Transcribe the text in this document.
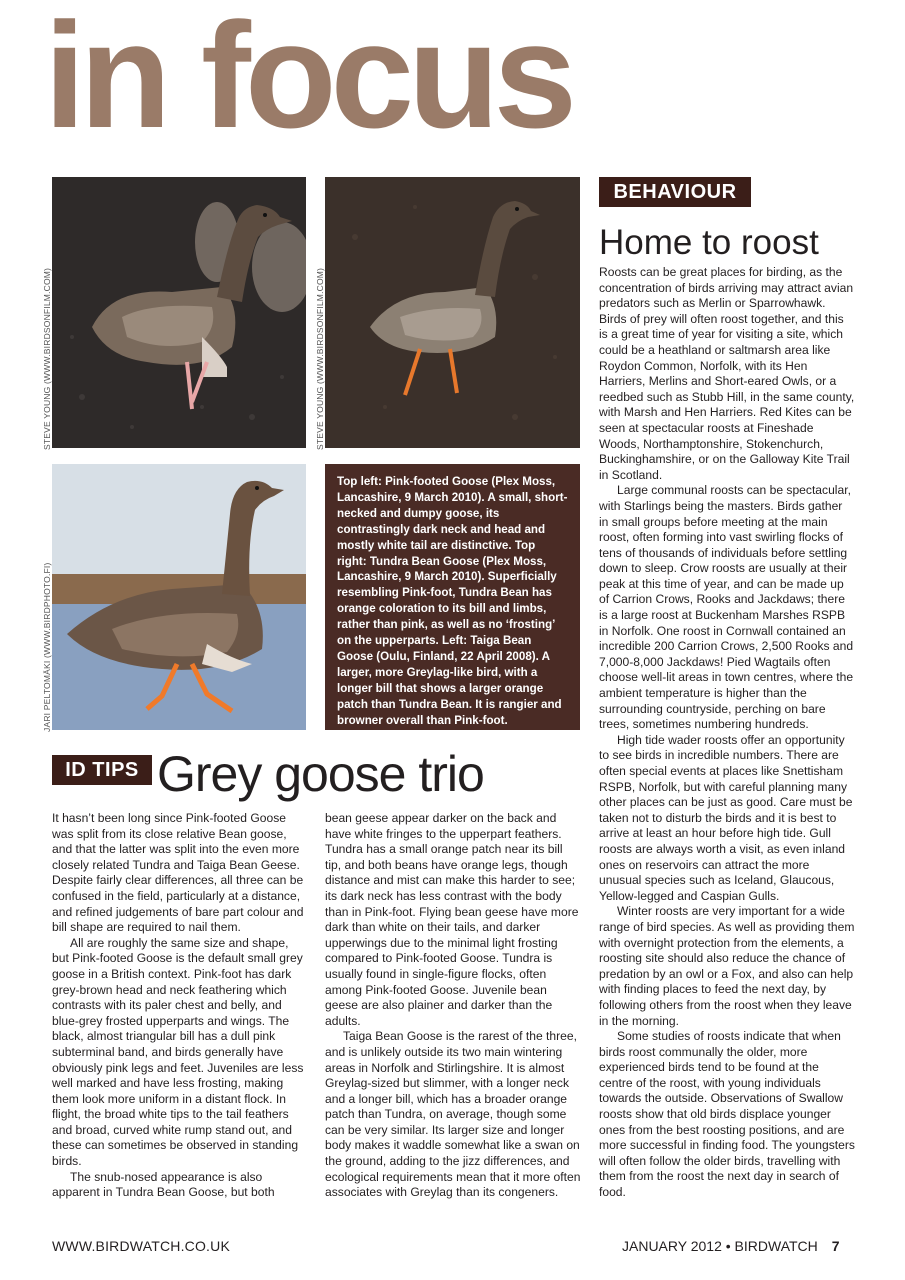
in focus
STEVE YOUNG (WWW.BIRDSONFILM.COM)	STEVE YOUNG (WWW.BIRDSONFILM.COM)
JARI PELTOMÄKI (WWW.BIRDPHOTO.FI)
Top left: Pink-footed Goose (Plex Moss, Lancashire, 9 March 2010). A small, short-necked and dumpy goose, its contrastingly dark neck and head and mostly white tail are distinctive. Top right: Tundra Bean Goose (Plex Moss, Lancashire, 9 March 2010). Superficially resembling Pink-foot, Tundra Bean has orange coloration to its bill and limbs, rather than pink, as well as no ‘frosting’ on the upperparts. Left: Taiga Bean Goose (Oulu, Finland, 22 April 2008). A larger, more Greylag-like bird, with a longer bill that shows a larger orange patch than Tundra Bean. It is rangier and browner overall than Pink-foot.
BEHAVIOUR
Home to roost

Roosts can be great places for birding, as the concentration of birds arriving may attract avian predators such as Merlin or Sparrowhawk. Birds of prey will often roost together, and this is a great time of year for visiting a site, which could be a heathland or saltmarsh area like Roydon Common, Norfolk, with its Hen Harriers, Merlins and Short-eared Owls, or a reedbed such as Stubb Hill, in the same county, with Marsh and Hen Harriers. Red Kites can be seen at spectacular roosts at Fineshade Woods, Northamptonshire, Stokenchurch, Buckinghamshire, or on the Galloway Kite Trail in Scotland.

Large communal roosts can be spectacular, with Starlings being the masters. Birds gather in small groups before meeting at the main roost, often forming into vast swirling flocks of tens of thousands of individuals before settling down to sleep. Crow roosts are usually at their peak at this time of year, and can be made up of Carrion Crows, Rooks and Jackdaws; there is a large roost at Buckenham Marshes RSPB in Norfolk. One roost in Cornwall contained an incredible 200 Carrion Crows, 2,500 Rooks and 7,000-8,000 Jackdaws! Pied Wagtails often choose well-lit areas in town centres, where the ambient temperature is higher than the surrounding countryside, perching on bare trees, sometimes numbering hundreds.

High tide wader roosts offer an opportunity to see birds in incredible numbers. There are often special events at places like Snettisham RSPB, Norfolk, but with careful planning many other places can be just as good. Care must be taken not to disturb the birds and it is best to arrive at least an hour before high tide. Gull roosts are always worth a visit, as even inland ones on reservoirs can attract the more unusual species such as Iceland, Glaucous, Yellow-legged and Caspian Gulls.

Winter roosts are very important for a wide range of bird species. As well as providing them with overnight protection from the elements, a roosting site should also reduce the chance of predation by an owl or a Fox, and also can help with finding places to feed the next day, by following others from the roost when they leave in the morning.

Some studies of roosts indicate that when birds roost communally the older, more experienced birds tend to be found at the centre of the roost, with young individuals towards the outside. Observations of Swallow roosts show that old birds displace younger ones from the best roosting positions, and are more successful in finding food. The youngsters will often follow the older birds, travelling with them from the roost the next day in search of food.

ID TIPS Grey goose trio

It hasn’t been long since Pink-footed Goose was split from its close relative Bean goose, and that the latter was split into the even more closely related Tundra and Taiga Bean Geese. Despite fairly clear differences, all three can be confused in the field, particularly at a distance, and refined judgements of bare part colour and bill shape are required to nail them.

All are roughly the same size and shape, but Pink-footed Goose is the default small grey goose in a British context. Pink-foot has dark grey-brown head and neck feathering which contrasts with its paler chest and belly, and blue-grey frosted upperparts and wings. The black, almost triangular bill has a dull pink subterminal band, and birds generally have obviously pink legs and feet. Juveniles are less well marked and have less frosting, making them look more uniform in a distant flock. In flight, the broad white tips to the tail feathers and broad, curved white rump stand out, and these can sometimes be observed in standing birds.

The snub-nosed appearance is also apparent in Tundra Bean Goose, but both

bean geese appear darker on the back and have white fringes to the upperpart feathers. Tundra has a small orange patch near its bill tip, and both beans have orange legs, though distance and mist can make this harder to see; its dark neck has less contrast with the body than in Pink-foot. Flying bean geese have more dark than white on their tails, and darker upperwings due to the minimal light frosting compared to Pink-footed Goose. Tundra is usually found in single-figure flocks, often among Pink-footed Goose. Juvenile bean geese are also plainer and darker than the adults.

Taiga Bean Goose is the rarest of the three, and is unlikely outside its two main wintering areas in Norfolk and Stirlingshire. It is almost Greylag-sized but slimmer, with a longer neck and a longer bill, which has a broader orange patch than Tundra, on average, though some can be very similar. Its larger size and longer body makes it waddle somewhat like a swan on the ground, adding to the jizz differences, and ecological requirements mean that it more often associates with Greylag than its congeners.

WWW.BIRDWATCH.CO.UK	JANUARY 2012 • BIRDWATCH 7
